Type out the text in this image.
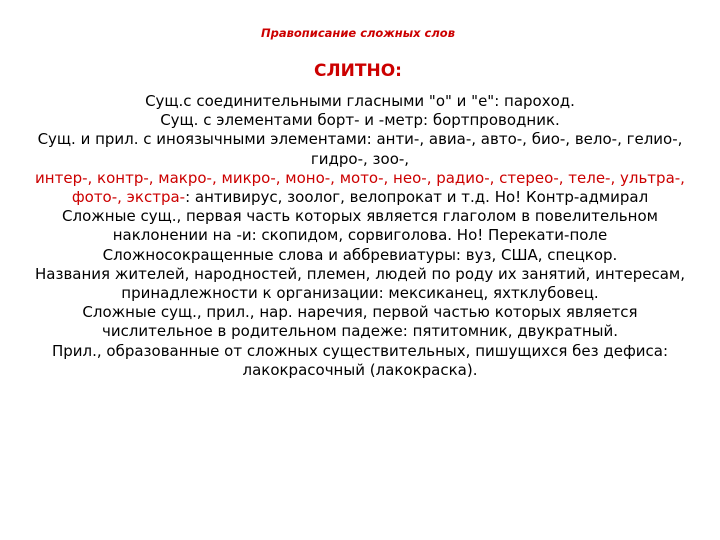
Правописание сложных слов
СЛИТНО:

Сущ.с соединительными гласными "о" и "е": пароход.

Сущ. с элементами борт- и -метр: бортпроводник.

Сущ. и прил. с иноязычными элементами: анти-, авиа-, авто-, био-, вело-, гелио-, гидро-, зоо-,

интер-, контр-, макро-, микро-, моно-, мото-, нео-, радио-, стерео-, теле-, ультра-, фото-, экстра-: антивирус, зоолог, велопрокат и т.д. Но! Контр-адмирал

Сложные сущ., первая часть которых является глаголом в повелительном наклонении на -и: скопидом, сорвиголова. Но! Перекати-поле

Сложносокращенные слова и аббревиатуры: вуз, США, спецкор.

Названия жителей, народностей, племен, людей по роду их занятий, интересам, принадлежности к организации: мексиканец, яхтклубовец.

Сложные сущ., прил., нар. наречия, первой частью которых является числительное в родительном падеже: пятитомник, двукратный.

Прил., образованные от сложных существительных, пишущихся без дефиса: лакокрасочный (лакокраска).
